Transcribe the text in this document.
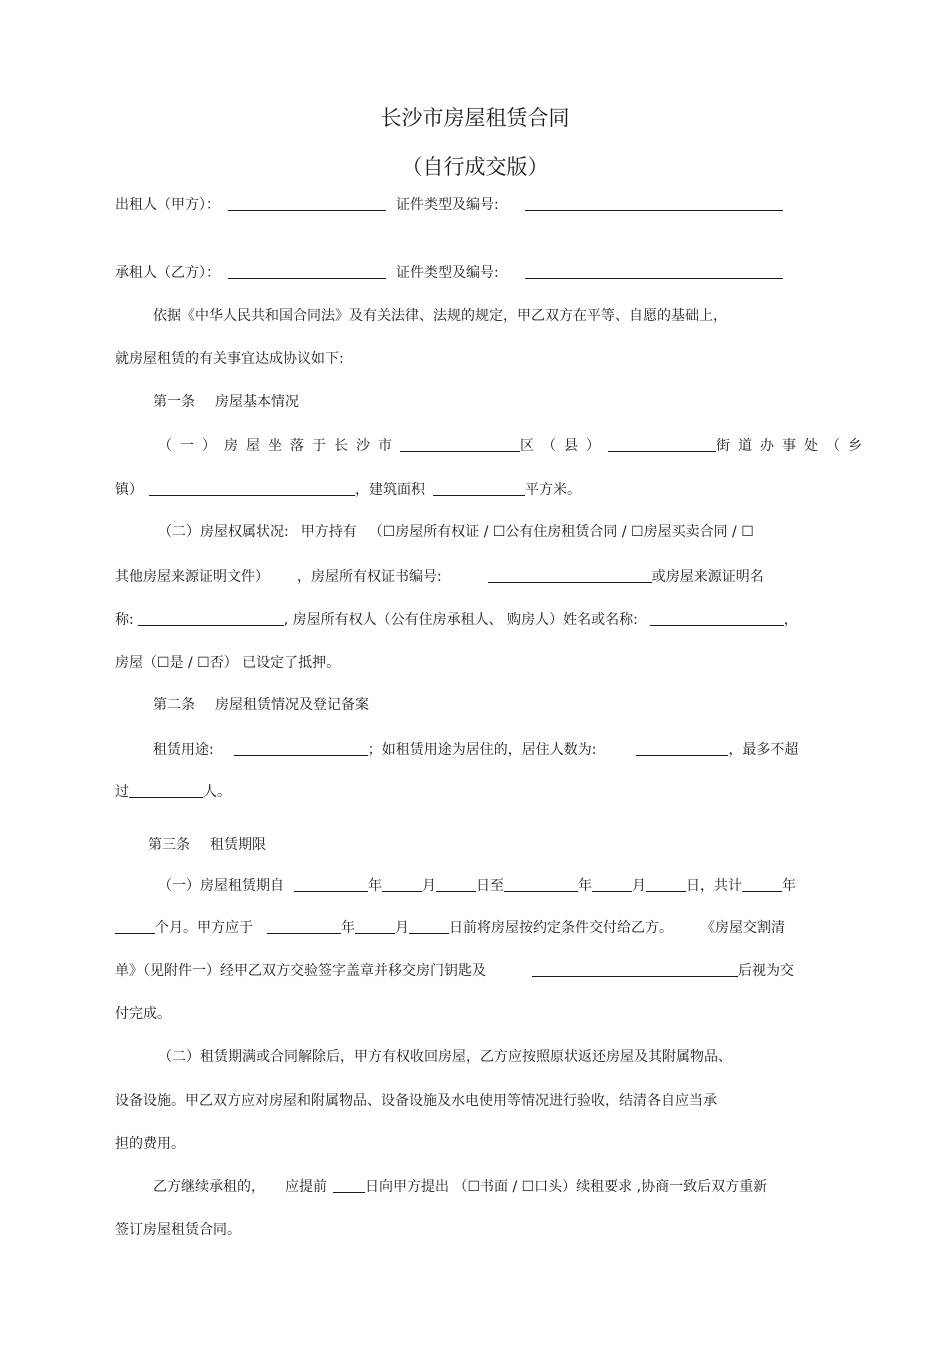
长沙市房屋租赁合同
（自行成交版）
出租人（甲方）：	证件类型及编号:
承租人（乙方）：	证件类型及编号:
依据《中华人民共和国合同法》及有关法律、法规的规定，甲乙双方在平等、自愿的基础上，
就房屋租赁的有关事宜达成协议如下:
第一条 房屋基本情况
（一）房屋坐落于长沙市	区（县）	街道办事处（乡
镇）	，建筑面积	平方米。
（二）房屋权属状况: 甲方持有 （☐房屋所有权证 / ☐公有住房租赁合同 / ☐房屋买卖合同 / ☐
其他房屋来源证明文件） ，房屋所有权证书编号:	或房屋来源证明名
称:	, 房屋所有权人（公有住房承租人、 购房人）姓名或名称:	，
房屋（☐是 / ☐否） 已设定了抵押。
第二条 房屋租赁情况及登记备案
租赁用途:	；如租赁用途为居住的，居住人数为:	，最多不超
过	人。
第三条 租赁期限
（一）房屋租赁期自	年	月	日至	年	月	日，共计	年
个月。甲方应于	年	月	日前将房屋按约定条件交付给乙方。 《房屋交割清
单》（见附件一）经甲乙双方交验签字盖章并移交房门钥匙及	后视为交
付完成。
（二）租赁期满或合同解除后，甲方有权收回房屋，乙方应按照原状返还房屋及其附属物品、
设备设施。甲乙双方应对房屋和附属物品、设备设施及水电使用等情况进行验收，结清各自应当承
担的费用。
乙方继续承租的， 应提前	日向甲方提出 （☐书面 / ☐口头）续租要求 ,协商一致后双方重新
签订房屋租赁合同。
